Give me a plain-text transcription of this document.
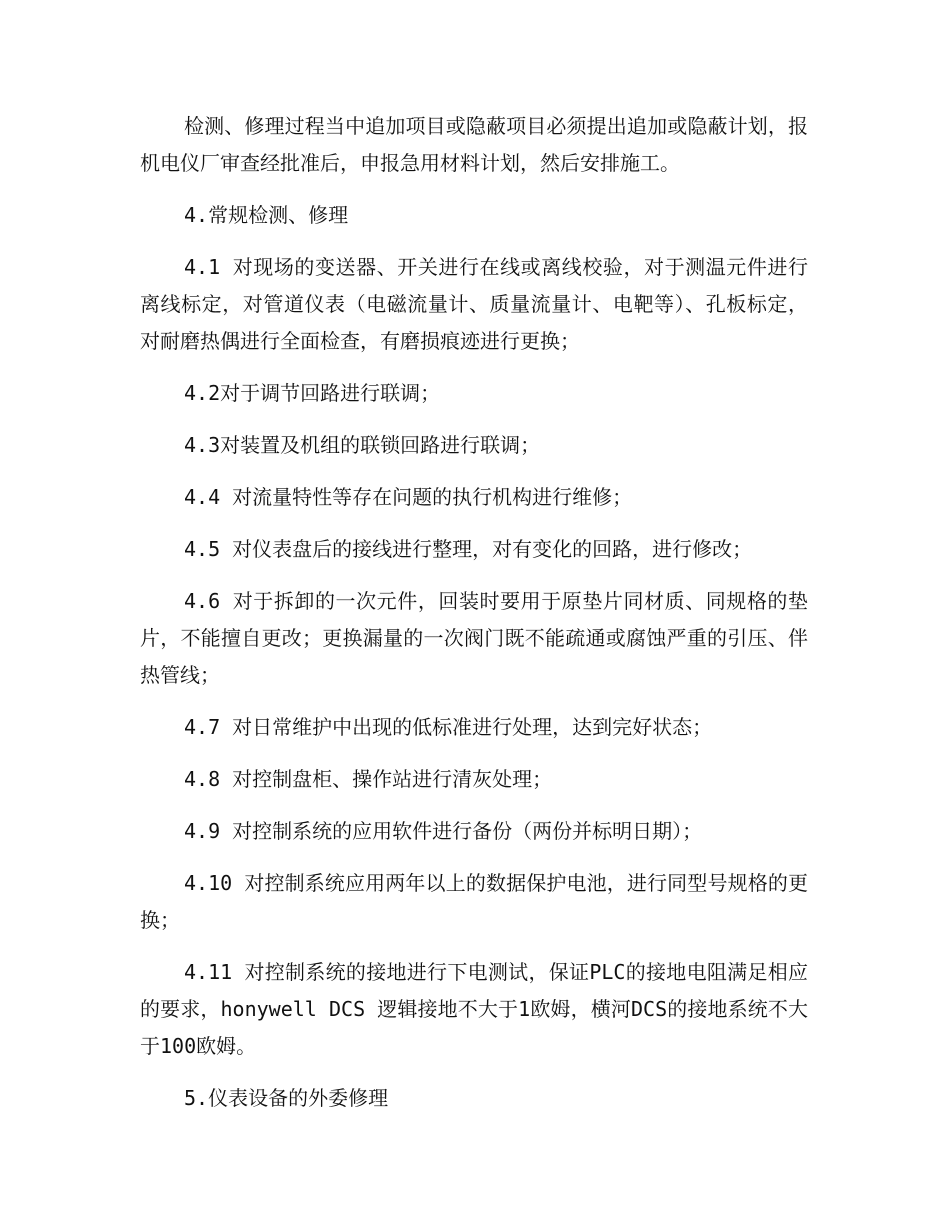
检测、修理过程当中追加项目或隐蔽项目必须提出追加或隐蔽计划，报机电仪厂审查经批准后，申报急用材料计划，然后安排施工。

4.常规检测、修理

4.1 对现场的变送器、开关进行在线或离线校验，对于测温元件进行离线标定，对管道仪表（电磁流量计、质量流量计、电靶等）、孔板标定，对耐磨热偶进行全面检查，有磨损痕迹进行更换；

4.2对于调节回路进行联调；

4.3对装置及机组的联锁回路进行联调；

4.4 对流量特性等存在问题的执行机构进行维修；

4.5 对仪表盘后的接线进行整理，对有变化的回路，进行修改；

4.6 对于拆卸的一次元件，回装时要用于原垫片同材质、同规格的垫片，不能擅自更改；更换漏量的一次阀门既不能疏通或腐蚀严重的引压、伴热管线；

4.7 对日常维护中出现的低标准进行处理，达到完好状态；

4.8 对控制盘柜、操作站进行清灰处理；

4.9 对控制系统的应用软件进行备份（两份并标明日期）；

4.10 对控制系统应用两年以上的数据保护电池，进行同型号规格的更换；

4.11 对控制系统的接地进行下电测试，保证PLC的接地电阻满足相应的要求，honywell DCS 逻辑接地不大于1欧姆，横河DCS的接地系统不大于100欧姆。

5.仪表设备的外委修理
